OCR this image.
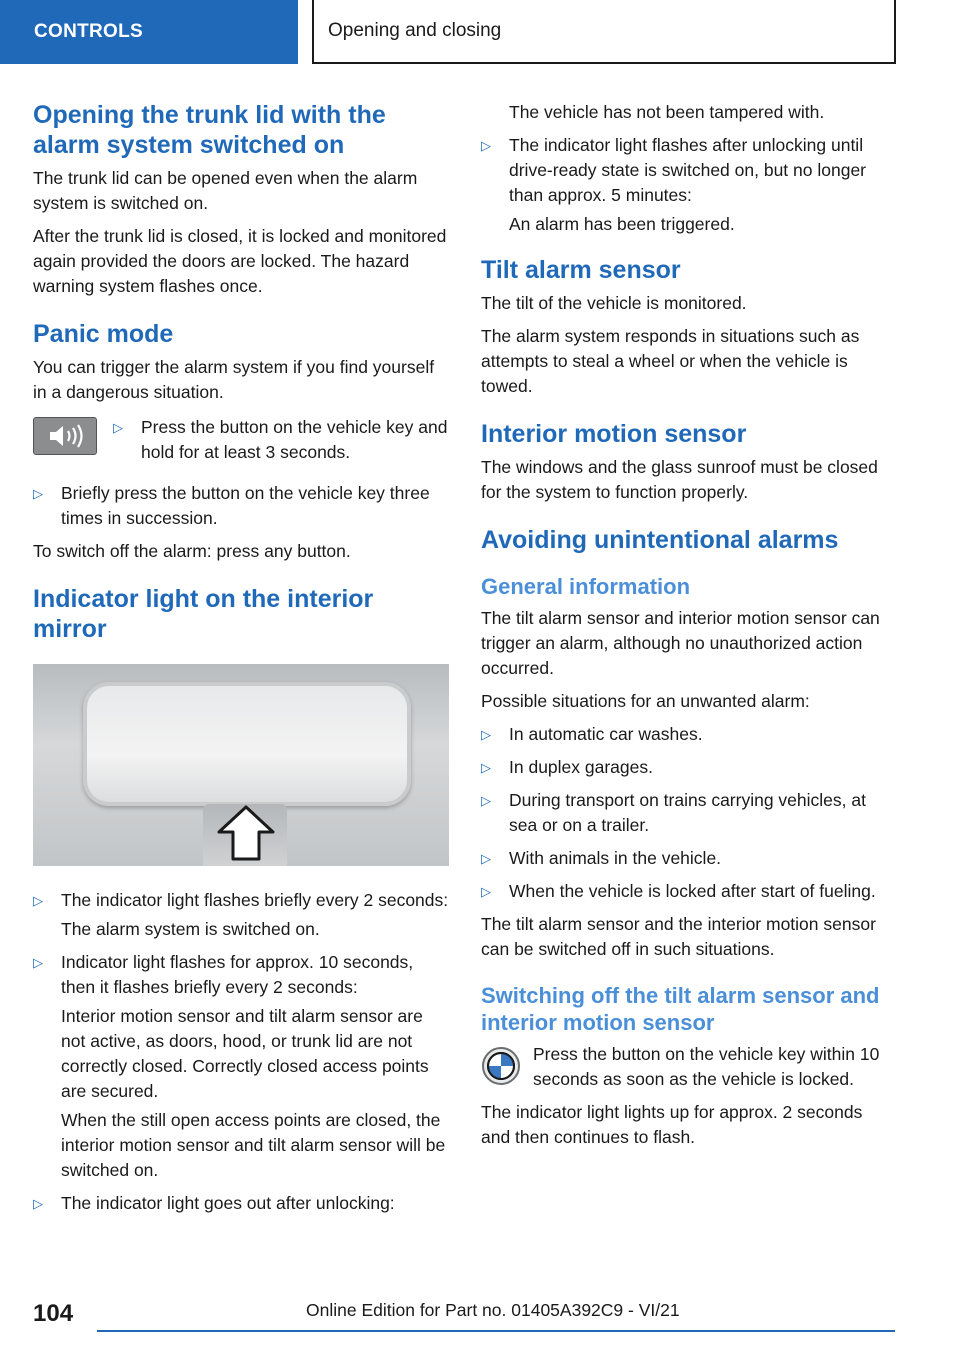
CONTROLS	Opening and closing
Opening the trunk lid with the alarm system switched on

The trunk lid can be opened even when the alarm system is switched on.

After the trunk lid is closed, it is locked and monitored again provided the doors are locked. The hazard warning system flashes once.

Panic mode

You can trigger the alarm system if you find yourself in a dangerous situation.

▷ Press the button on the vehicle key and hold for at least 3 seconds.
▷ Briefly press the button on the vehicle key three times in succession.

To switch off the alarm: press any button.

Indicator light on the interior mirror
▷ The indicator light flashes briefly every 2 seconds:

The alarm system is switched on.

▷ Indicator light flashes for approx. 10 seconds, then it flashes briefly every 2 seconds:

Interior motion sensor and tilt alarm sensor are not active, as doors, hood, or trunk lid are not correctly closed. Correctly closed access points are secured.

When the still open access points are closed, the interior motion sensor and tilt alarm sensor will be switched on.

▷ The indicator light goes out after unlocking:
The vehicle has not been tampered with.
▷ The indicator light flashes after unlocking until drive-ready state is switched on, but no longer than approx. 5 minutes:

An alarm has been triggered.

Tilt alarm sensor

The tilt of the vehicle is monitored.

The alarm system responds in situations such as attempts to steal a wheel or when the vehicle is towed.

Interior motion sensor

The windows and the glass sunroof must be closed for the system to function properly.

Avoiding unintentional alarms
General information

The tilt alarm sensor and interior motion sensor can trigger an alarm, although no unauthorized action occurred.

Possible situations for an unwanted alarm:

▷ In automatic car washes.
▷ In duplex garages.
▷ During transport on trains carrying vehicles, at sea or on a trailer.
▷ With animals in the vehicle.
▷ When the vehicle is locked after start of fueling.

The tilt alarm sensor and the interior motion sensor can be switched off in such situations.

Switching off the tilt alarm sensor and interior motion sensor

Press the button on the vehicle key within 10 seconds as soon as the vehicle is locked.

The indicator light lights up for approx. 2 seconds and then continues to flash.

104	Online Edition for Part no. 01405A392C9 - VI/21
